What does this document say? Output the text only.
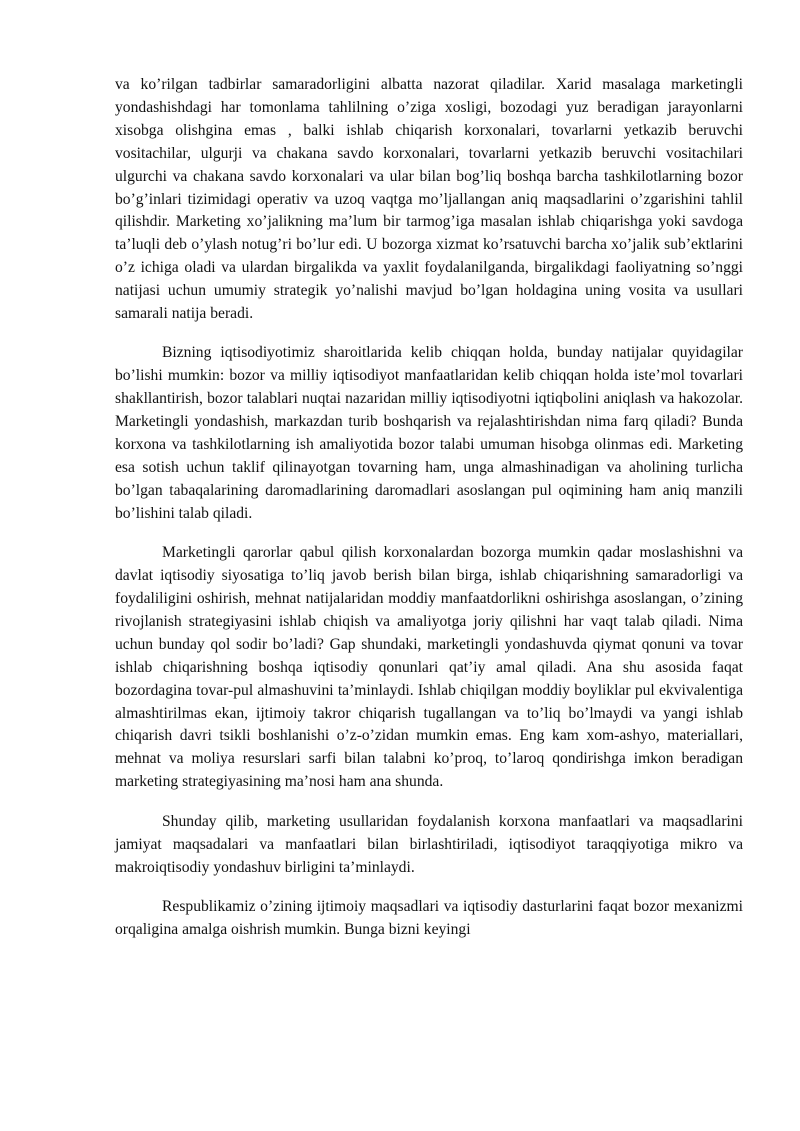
va ko’rilgan tadbirlar samaradorligini albatta nazorat qiladilar. Xarid masalaga marketingli yondashishdagi har tomonlama tahlilning o’ziga xosligi, bozodagi yuz beradigan jarayonlarni xisobga olishgina emas , balki ishlab chiqarish korxonalari, tovarlarni yetkazib beruvchi vositachilar, ulgurji va chakana savdo korxonalari, tovarlarni yetkazib beruvchi vositachilari ulgurchi va chakana savdo korxonalari va ular bilan bog’liq boshqa barcha tashkilotlarning bozor bo’g’inlari tizimidagi operativ va uzoq vaqtga mo’ljallangan aniq maqsadlarini o’zgarishini tahlil qilishdir. Marketing xo’jalikning ma’lum bir tarmog’iga masalan ishlab chiqarishga yoki savdoga ta’luqli deb o’ylash notug’ri bo’lur edi. U bozorga xizmat ko’rsatuvchi barcha xo’jalik sub’ektlarini o’z ichiga oladi va ulardan birgalikda va yaxlit foydalanilganda, birgalikdagi faoliyatning so’nggi natijasi uchun umumiy strategik yo’nalishi mavjud bo’lgan holdagina uning vosita va usullari samarali natija beradi.

Bizning iqtisodiyotimiz sharoitlarida kelib chiqqan holda, bunday natijalar quyidagilar bo’lishi mumkin: bozor va milliy iqtisodiyot manfaatlaridan kelib chiqqan holda iste’mol tovarlari shakllantirish, bozor talablari nuqtai nazaridan milliy iqtisodiyotni iqtiqbolini aniqlash va hakozolar. Marketingli yondashish, markazdan turib boshqarish va rejalashtirishdan nima farq qiladi? Bunda korxona va tashkilotlarning ish amaliyotida bozor talabi umuman hisobga olinmas edi. Marketing esa sotish uchun taklif qilinayotgan tovarning ham, unga almashinadigan va aholining turlicha bo’lgan tabaqalarining daromadlarining daromadlari asoslangan pul oqimining ham aniq manzili bo’lishini talab qiladi.

Marketingli qarorlar qabul qilish korxonalardan bozorga mumkin qadar moslashishni va davlat iqtisodiy siyosatiga to’liq javob berish bilan birga, ishlab chiqarishning samaradorligi va foydaliligini oshirish, mehnat natijalaridan moddiy manfaatdorlikni oshirishga asoslangan, o’zining rivojlanish strategiyasini ishlab chiqish va amaliyotga joriy qilishni har vaqt talab qiladi. Nima uchun bunday qol sodir bo’ladi? Gap shundaki, marketingli yondashuvda qiymat qonuni va tovar ishlab chiqarishning boshqa iqtisodiy qonunlari qat’iy amal qiladi. Ana shu asosida faqat bozordagina tovar-pul almashuvini ta’minlaydi. Ishlab chiqilgan moddiy boyliklar pul ekvivalentiga almashtirilmas ekan, ijtimoiy takror chiqarish tugallangan va to’liq bo’lmaydi va yangi ishlab chiqarish davri tsikli boshlanishi o’z-o’zidan mumkin emas. Eng kam xom-ashyo, materiallari, mehnat va moliya resurslari sarfi bilan talabni ko’proq, to’laroq qondirishga imkon beradigan marketing strategiyasining ma’nosi ham ana shunda.

Shunday qilib, marketing usullaridan foydalanish korxona manfaatlari va maqsadlarini jamiyat maqsadalari va manfaatlari bilan birlashtiriladi, iqtisodiyot taraqqiyotiga mikro va makroiqtisodiy yondashuv birligini ta’minlaydi.

Respublikamiz o’zining ijtimoiy maqsadlari va iqtisodiy dasturlarini faqat bozor mexanizmi orqaligina amalga oishrish mumkin. Bunga bizni keyingi
